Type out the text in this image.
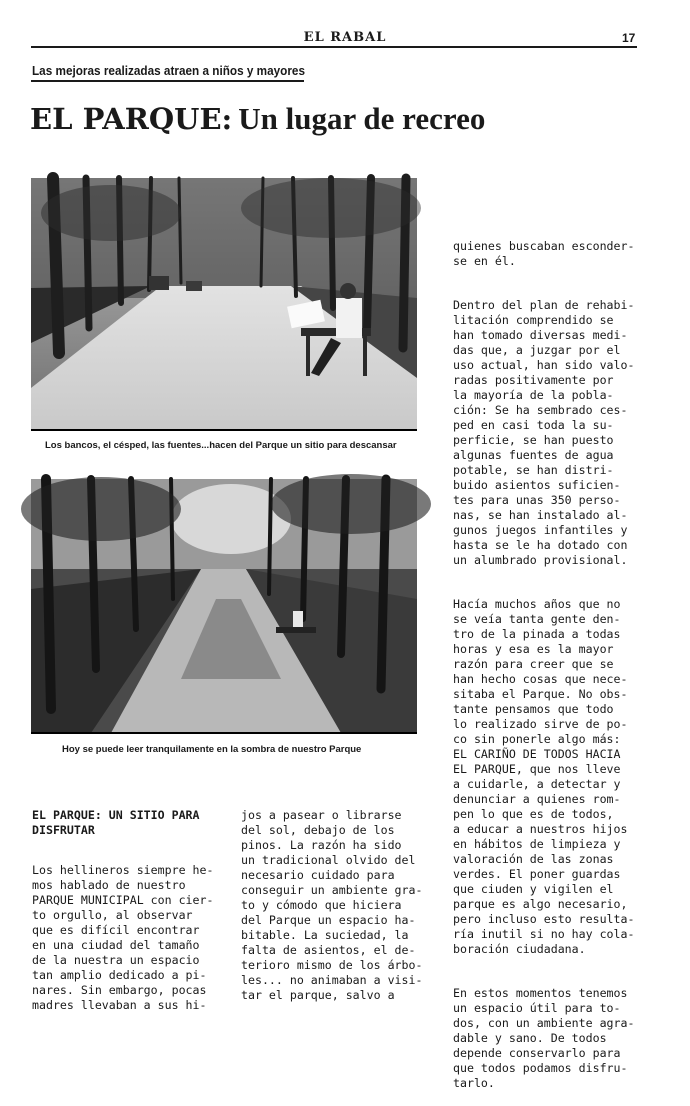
EL RABAL	17
Las mejoras realizadas atraen a niños y mayores
EL PARQUE: Un lugar de recreo
Los bancos, el césped, las fuentes...hacen del Parque un sitio para descansar
Hoy se puede leer tranquilamente en la sombra de nuestro Parque

EL PARQUE: UN SITIO PARA
DISFRUTAR

Los hellineros siempre he-
mos hablado de nuestro
PARQUE MUNICIPAL con cier-
to orgullo, al observar
que es difícil encontrar
en una ciudad del tamaño
de la nuestra un espacio
tan amplio dedicado a pi-
nares. Sin embargo, pocas
madres llevaban a sus hi-

jos a pasear o librarse
del sol, debajo de los
pinos. La razón ha sido
un tradicional olvido del
necesario cuidado para
conseguir un ambiente gra-
to y cómodo que hiciera
del Parque un espacio ha-
bitable. La suciedad, la
falta de asientos, el de-
terioro mismo de los árbo-
les... no animaban a visi-
tar el parque, salvo a

quienes buscaban esconder-
se en él.

Dentro del plan de rehabi-
litación comprendido se
han tomado diversas medi-
das que, a juzgar por el
uso actual, han sido valo-
radas positivamente por
la mayoría de la pobla-
ción: Se ha sembrado ces-
ped en casi toda la su-
perficie, se han puesto
algunas fuentes de agua
potable, se han distri-
buido asientos suficien-
tes para unas 350 perso-
nas, se han instalado al-
gunos juegos infantiles y
hasta se le ha dotado con
un alumbrado provisional.

Hacía muchos años que no
se veía tanta gente den-
tro de la pinada a todas
horas y esa es la mayor
razón para creer que se
han hecho cosas que nece-
sitaba el Parque. No obs-
tante pensamos que todo
lo realizado sirve de po-
co sin ponerle algo más:
EL CARIÑO DE TODOS HACIA
EL PARQUE, que nos lleve
a cuidarle, a detectar y
denunciar a quienes rom-
pen lo que es de todos,
a educar a nuestros hijos
en hábitos de limpieza y
valoración de las zonas
verdes. El poner guardas
que ciuden y vigilen el
parque es algo necesario,
pero incluso esto resulta-
ría inutil si no hay cola-
boración ciudadana.

En estos momentos tenemos
un espacio útil para to-
dos, con un ambiente agra-
dable y sano. De todos
depende conservarlo para
que todos podamos disfru-
tarlo.
